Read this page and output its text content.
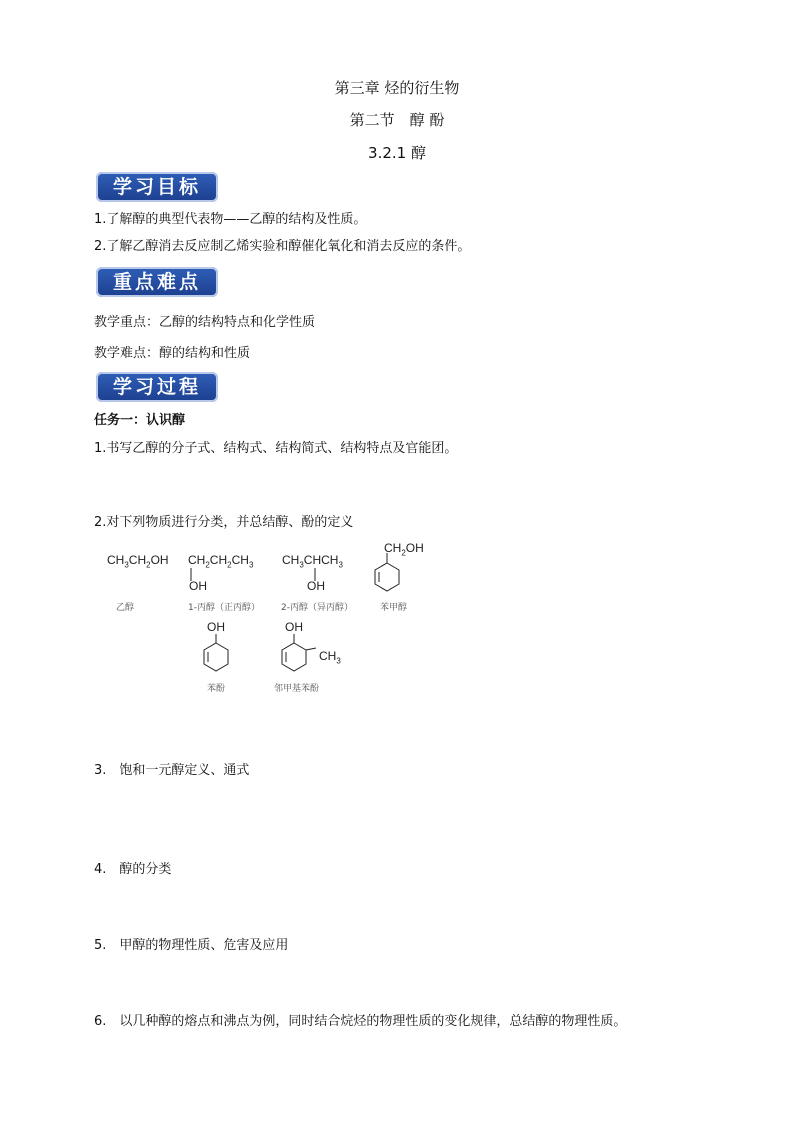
第三章 烃的衍生物
第二节　醇 酚
3.2.1 醇
学习目标
1.了解醇的典型代表物——乙醇的结构及性质。
2.了解乙醇消去反应制乙烯实验和醇催化氧化和消去反应的条件。
重点难点
教学重点：乙醇的结构特点和化学性质
教学难点：醇的结构和性质
学习过程
任务一：认识醇
1.书写乙醇的分子式、结构式、结构简式、结构特点及官能团。
2.对下列物质进行分类，并总结醇、酚的定义
$CH_3CH_2OH$
乙醇
$CH_2CH_2CH_3$
OH
1-丙醇（正丙醇）
$CH_3CHCH_3$
OH
2-丙醇（异丙醇）
$CH_2OH$
苯甲醇
OH
苯酚
OH
$CH_3$
邻甲基苯酚
3.　饱和一元醇定义、通式
4.　醇的分类
5.　甲醇的物理性质、危害及应用
6.　以几种醇的熔点和沸点为例，同时结合烷烃的物理性质的变化规律，总结醇的物理性质。
